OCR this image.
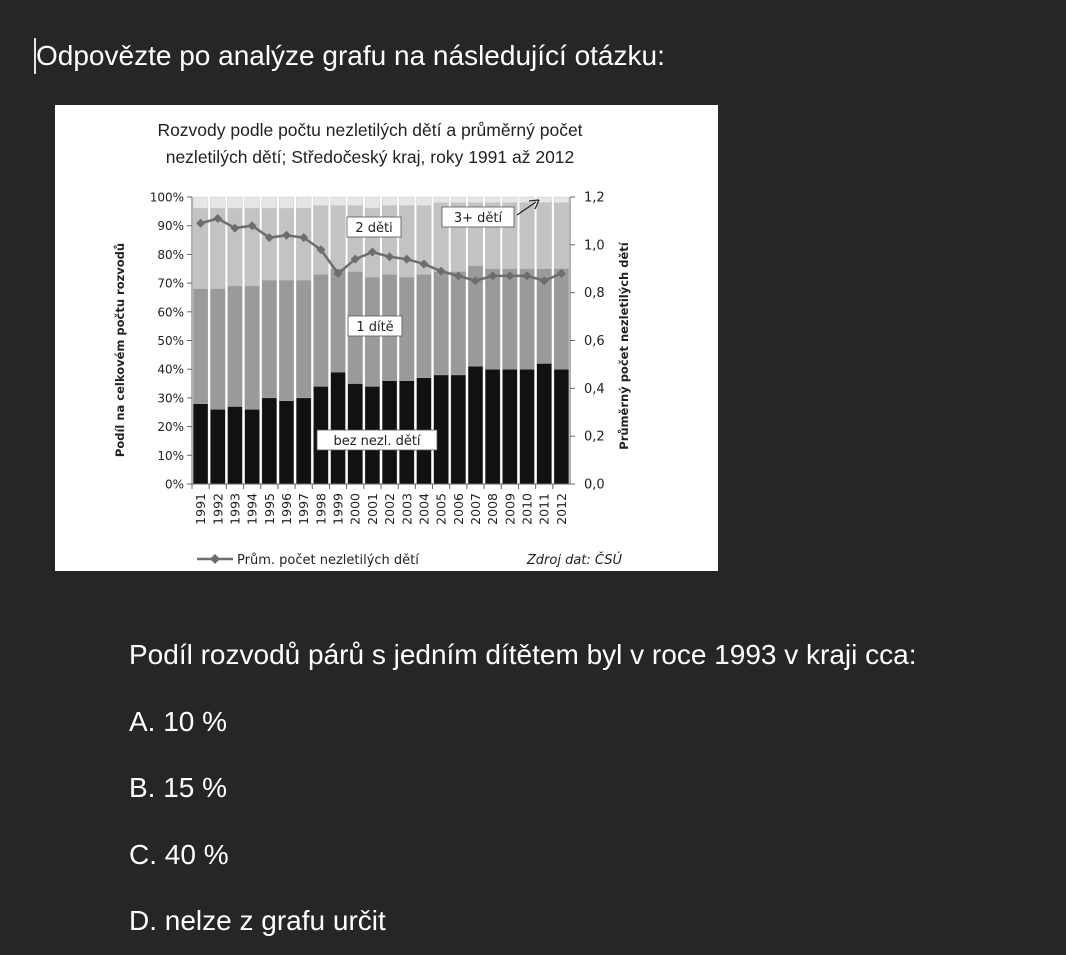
Odpovězte po analýze grafu na následující otázku:
Rozvody podle počtu nezletilých dětí a průměrný počet
nezletilých dětí; Středočeský kraj, roky 1991 až 2012
0%
10%
20%
30%
40%
50%
60%
70%
80%
90%
100%
0,0
0,2
0,4
0,6
0,8
1,0
1,2
1991 1992 1993 1994 1995 1996 1997 1998 1999 2000 2001 2002 2003 2004 2005 2006 2007 2008 2009 2010 2011 2012
2 děti
3+ dětí
1 dítě
bez nezl. dětí
Podíl na celkovém počtu rozvodů	Průměrný počet nezletilých dětí
Prům. počet nezletilých dětí	Zdroj dat: ČSÚ
Podíl rozvodů párů s jedním dítětem byl v roce 1993 v kraji cca:
A. 10 %
B. 15 %
C. 40 %
D. nelze z grafu určit
